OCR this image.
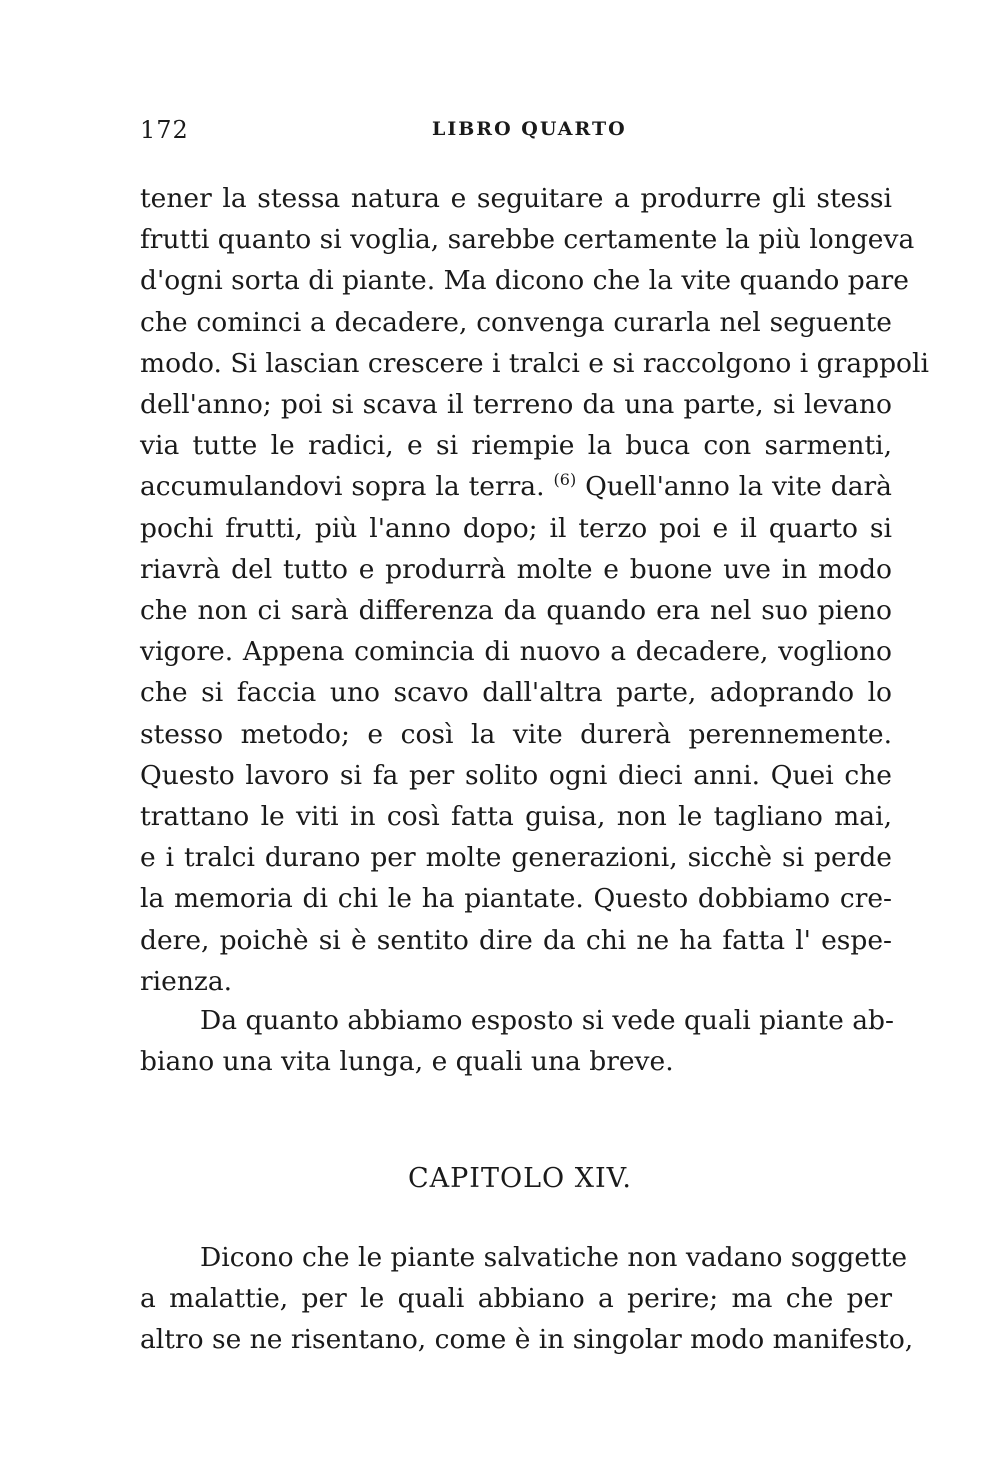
172	LIBRO QUARTO
tener la stessa natura e seguitare a produrre gli stessi
frutti quanto si voglia, sarebbe certamente la più longeva
d'ogni sorta di piante. Ma dicono che la vite quando pare
che cominci a decadere, convenga curarla nel seguente
modo. Si lascian crescere i tralci e si raccolgono i grappoli
dell'anno; poi si scava il terreno da una parte, si levano
via tutte le radici, e si riempie la buca con sarmenti,
accumulandovi sopra la terra. $^{(6)}$ Quell'anno la vite darà
pochi frutti, più l'anno dopo; il terzo poi e il quarto si
riavrà del tutto e produrrà molte e buone uve in modo
che non ci sarà differenza da quando era nel suo pieno
vigore. Appena comincia di nuovo a decadere, vogliono
che si faccia uno scavo dall'altra parte, adoprando lo
stesso metodo; e così la vite durerà perennemente.
Questo lavoro si fa per solito ogni dieci anni. Quei che
trattano le viti in così fatta guisa, non le tagliano mai,
e i tralci durano per molte generazioni, sicchè si perde
la memoria di chi le ha piantate. Questo dobbiamo cre-
dere, poichè si è sentito dire da chi ne ha fatta l' espe-
rienza.
Da quanto abbiamo esposto si vede quali piante ab-
biano una vita lunga, e quali una breve.
CAPITOLO XIV.
Dicono che le piante salvatiche non vadano soggette
a malattie, per le quali abbiano a perire; ma che per
altro se ne risentano, come è in singolar modo manifesto,
